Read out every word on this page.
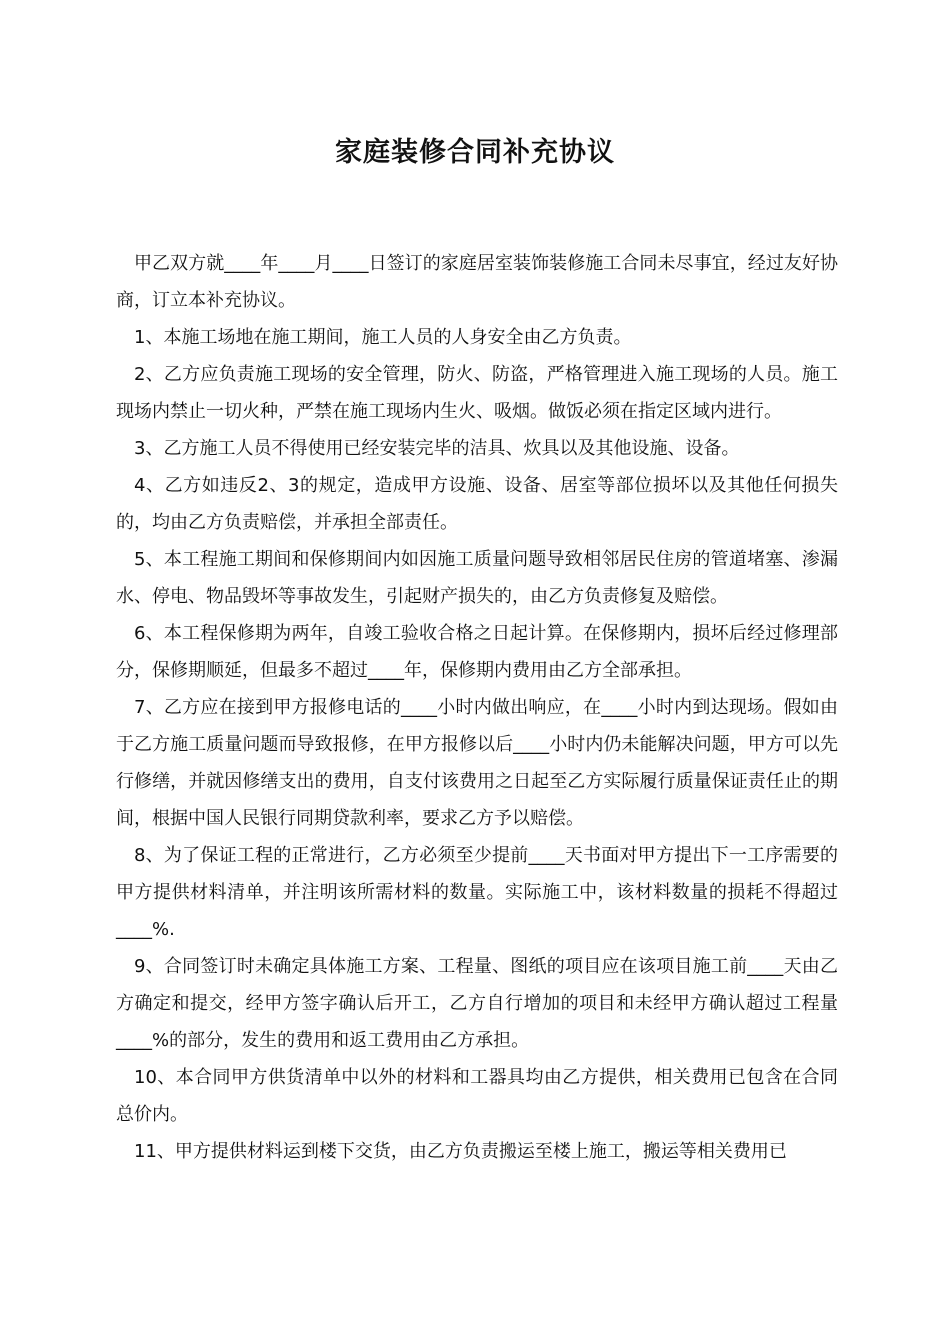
家庭装修合同补充协议

甲乙双方就____年____月____日签订的家庭居室装饰装修施工合同未尽事宜，经过友好协商，订立本补充协议。

1、本施工场地在施工期间，施工人员的人身安全由乙方负责。

2、乙方应负责施工现场的安全管理，防火、防盗，严格管理进入施工现场的人员。施工现场内禁止一切火种，严禁在施工现场内生火、吸烟。做饭必须在指定区域内进行。

3、乙方施工人员不得使用已经安装完毕的洁具、炊具以及其他设施、设备。

4、乙方如违反2、3的规定，造成甲方设施、设备、居室等部位损坏以及其他任何损失的，均由乙方负责赔偿，并承担全部责任。

5、本工程施工期间和保修期间内如因施工质量问题导致相邻居民住房的管道堵塞、渗漏水、停电、物品毁坏等事故发生，引起财产损失的，由乙方负责修复及赔偿。

6、本工程保修期为两年，自竣工验收合格之日起计算。在保修期内，损坏后经过修理部分，保修期顺延，但最多不超过____年，保修期内费用由乙方全部承担。

7、乙方应在接到甲方报修电话的____小时内做出响应，在____小时内到达现场。假如由于乙方施工质量问题而导致报修，在甲方报修以后____小时内仍未能解决问题，甲方可以先行修缮，并就因修缮支出的费用，自支付该费用之日起至乙方实际履行质量保证责任止的期间，根据中国人民银行同期贷款利率，要求乙方予以赔偿。

8、为了保证工程的正常进行，乙方必须至少提前____天书面对甲方提出下一工序需要的甲方提供材料清单，并注明该所需材料的数量。实际施工中，该材料数量的损耗不得超过____%.

9、合同签订时未确定具体施工方案、工程量、图纸的项目应在该项目施工前____天由乙方确定和提交，经甲方签字确认后开工，乙方自行增加的项目和未经甲方确认超过工程量____%的部分，发生的费用和返工费用由乙方承担。

10、本合同甲方供货清单中以外的材料和工器具均由乙方提供，相关费用已包含在合同总价内。

11、甲方提供材料运到楼下交货，由乙方负责搬运至楼上施工，搬运等相关费用已
